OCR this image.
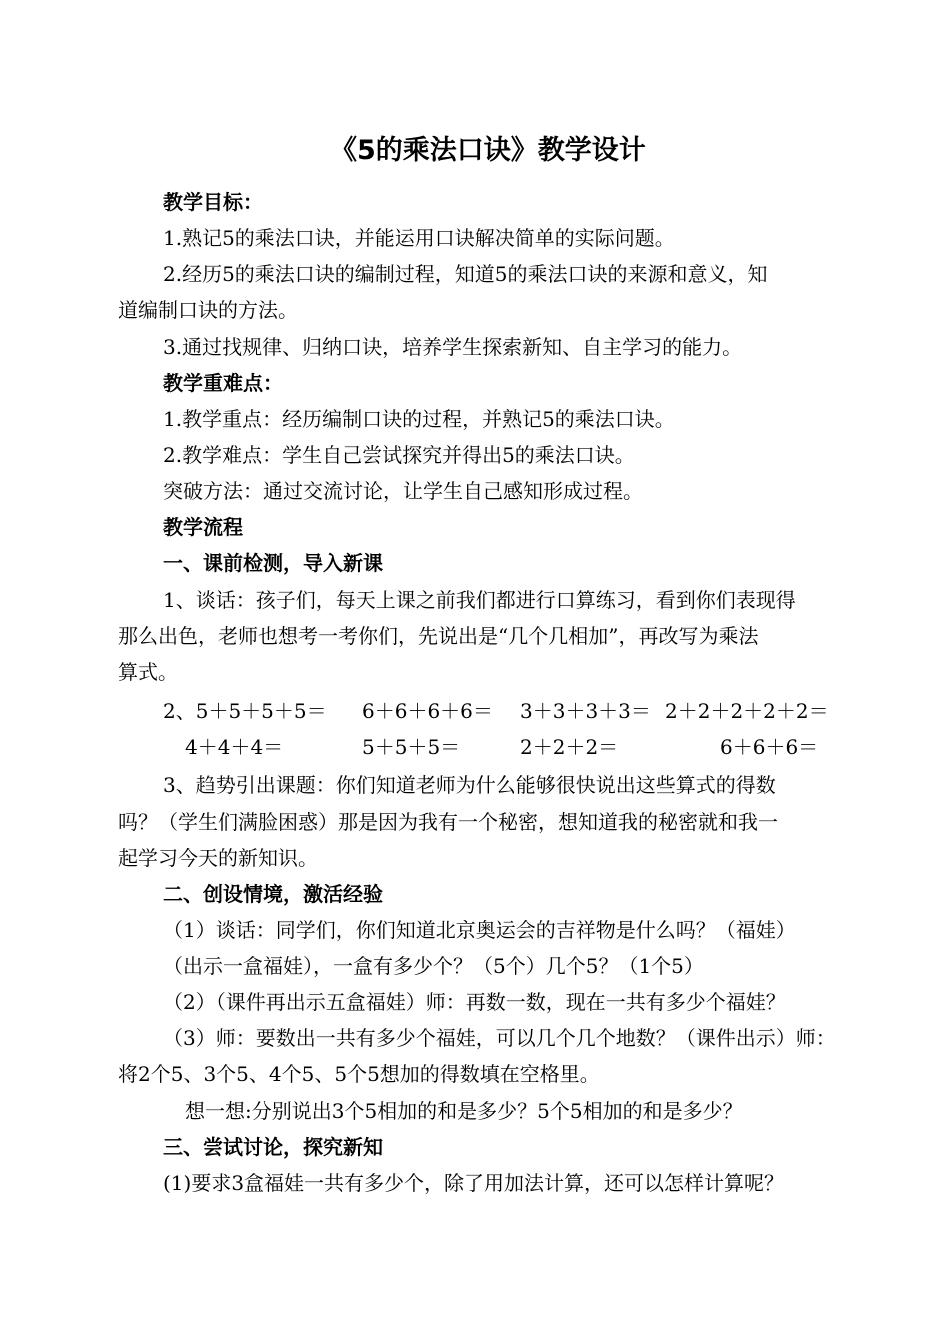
《5的乘法口诀》教学设计
教学目标：
1.熟记5的乘法口诀，并能运用口诀解决简单的实际问题。
2.经历5的乘法口诀的编制过程，知道5的乘法口诀的来源和意义，知
道编制口诀的方法。
3.通过找规律、归纳口诀，培养学生探索新知、自主学习的能力。
教学重难点：
1.教学重点：经历编制口诀的过程，并熟记5的乘法口诀。
2.教学难点：学生自己尝试探究并得出5的乘法口诀。
突破方法：通过交流讨论，让学生自己感知形成过程。
教学流程
一、课前检测，导入新课
1、谈话：孩子们，每天上课之前我们都进行口算练习，看到你们表现得
那么出色，老师也想考一考你们，先说出是“几个几相加”，再改写为乘法
算式。
2、5＋5＋5＋5＝ 6＋6＋6＋6＝ 3＋3＋3＋3＝ 2＋2＋2＋2＋2＝
4＋4＋4＝	5＋5＋5＝	2＋2＋2＝	6＋6＋6＝
3、趋势引出课题：你们知道老师为什么能够很快说出这些算式的得数
吗？（学生们满脸困惑）那是因为我有一个秘密，想知道我的秘密就和我一
起学习今天的新知识。
二、创设情境，激活经验
（1）谈话：同学们，你们知道北京奥运会的吉祥物是什么吗？（福娃）
（出示一盒福娃），一盒有多少个？（5个）几个5？（1个5）
（2）（课件再出示五盒福娃）师：再数一数，现在一共有多少个福娃？
（3）师：要数出一共有多少个福娃，可以几个几个地数？（课件出示）师：
将2个5、3个5、4个5、5个5想加的得数填在空格里。
想一想:分别说出3个5相加的和是多少？5个5相加的和是多少？
三、尝试讨论，探究新知
(1)要求3盒福娃一共有多少个，除了用加法计算，还可以怎样计算呢？
